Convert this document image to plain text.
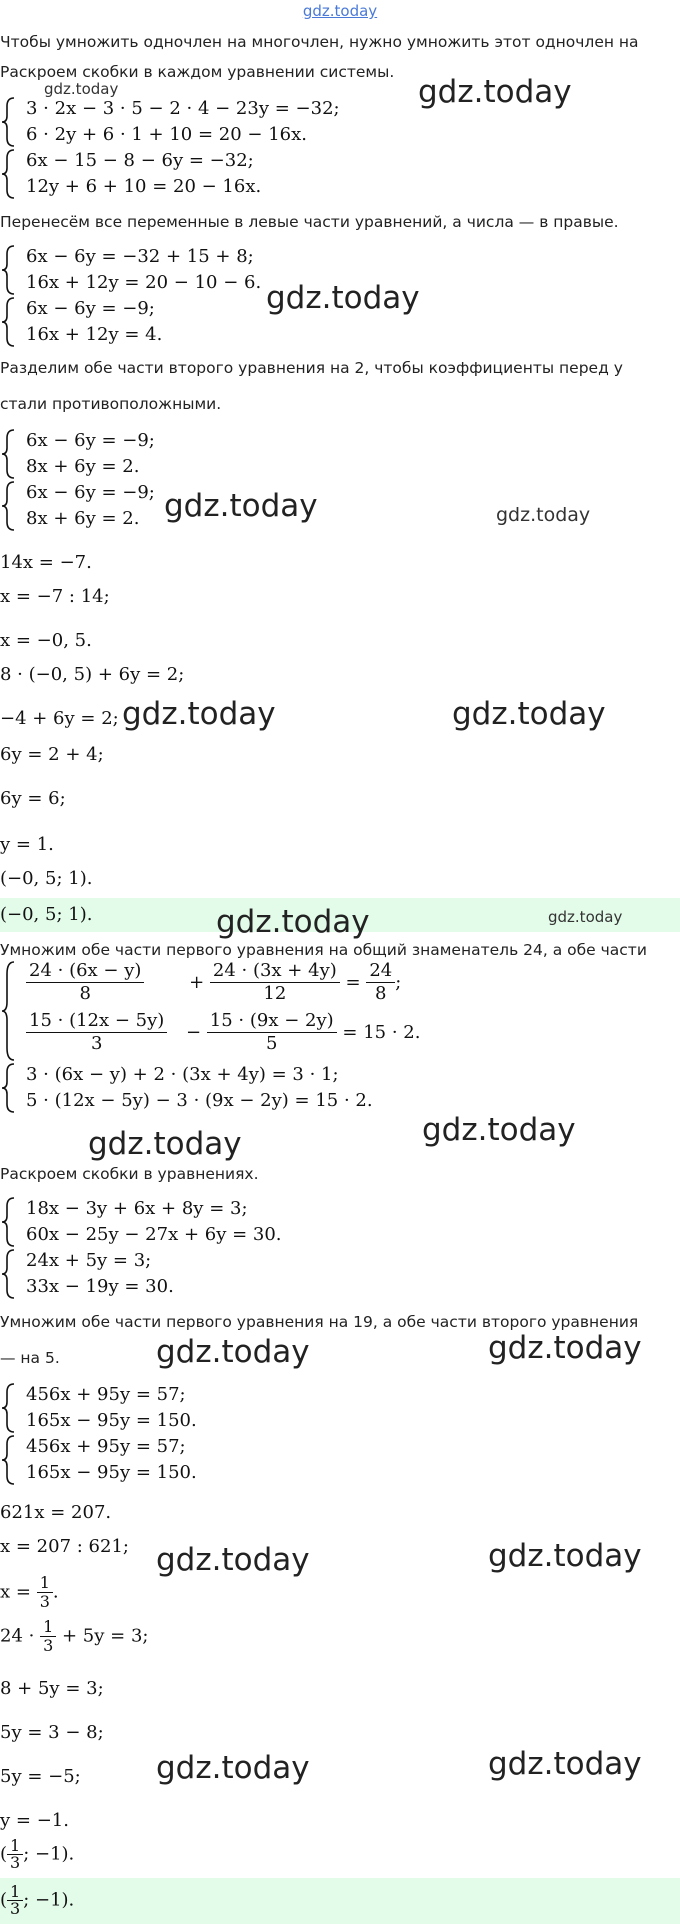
gdz.today

Чтобы умножить одночлен на многочлен, нужно умножить этот одночлен на

Раскроем скобки в каждом уравнении системы.

3 · 2x − 3 · 5 − 2 · 4 − 23y = −32;
6 · 2y + 6 · 1 + 10 = 20 − 16x.
6x − 15 − 8 − 6y = −32;
12y + 6 + 10 = 20 − 16x.

Перенесём все переменные в левые части уравнений, а числа — в правые.

6x − 6y = −32 + 15 + 8;
16x + 12y = 20 − 10 − 6.
6x − 6y = −9;
16x + 12y = 4.

Разделим обе части второго уравнения на 2, чтобы коэффициенты перед y

стали противоположными.

6x − 6y = −9;
8x + 6y = 2.
6x − 6y = −9;
8x + 6y = 2.

14x = −7.

x = −7 : 14;

x = −0, 5.

8 · (−0, 5) + 6y = 2;

−4 + 6y = 2;

6y = 2 + 4;

6y = 6;

y = 1.

(−0, 5; 1).

(−0, 5; 1).

Умножим обе части первого уравнения на общий знаменатель 24, а обе части

$\frac{24 \cdot (6x - y)}{8} + \frac{24 \cdot (3x + 4y)}{12} = \frac{24}{8}$ ;
$\frac{15 \cdot (12x - 5y)}{3} - \frac{15 \cdot (9x - 2y)}{5} = 15 \cdot 2$.
3 · (6x − y) + 2 · (3x + 4y) = 3 · 1;
5 · (12x − 5y) − 3 · (9x − 2y) = 15 · 2.

Раскроем скобки в уравнениях.

18x − 3y + 6x + 8y = 3;
60x − 25y − 27x + 6y = 30.
24x + 5y = 3;
33x − 19y = 30.

Умножим обе части первого уравнения на 19, а обе части второго уравнения

— на 5.

456x + 95y = 57;
165x − 95y = 150.
456x + 95y = 57;
165x − 95y = 150.

621x = 207.

x = 207 : 621;

$x = \frac{1}{3}$ .
$24 \cdot \frac{1}{3} + 5y = 3$;

8 + 5y = 3;

5y = 3 − 8;

5y = −5;

y = −1.

( $\frac{1}{3}$ ; −1).
( $\frac{1}{3}$ ; −1).
gdz.today	gdz.today
gdz.today
gdz.today	gdz.today
gdz.today	gdz.today
gdz.today	gdz.today
gdz.today
gdz.today
gdz.today	gdz.today
gdz.today	gdz.today
gdz.today	gdz.today
